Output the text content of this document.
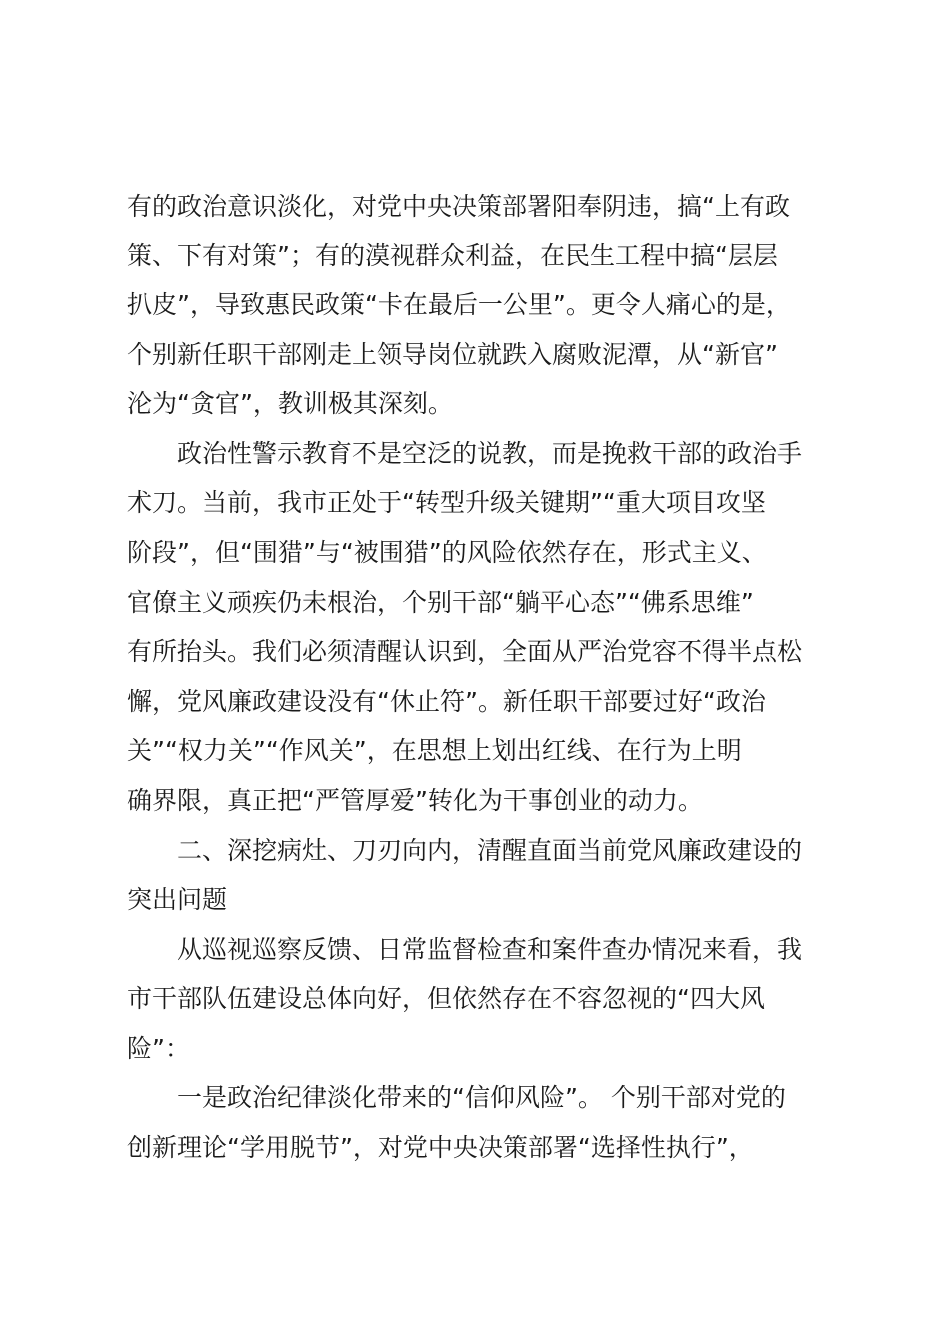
有的政治意识淡化，对党中央决策部署阳奉阴违，搞“上有政
策、下有对策”；有的漠视群众利益，在民生工程中搞“层层
扒皮”，导致惠民政策“卡在最后一公里”。更令人痛心的是，
个别新任职干部刚走上领导岗位就跌入腐败泥潭，从“新官”
沦为“贪官”，教训极其深刻。
政治性警示教育不是空泛的说教，而是挽救干部的政治手
术刀。当前，我市正处于“转型升级关键期”“重大项目攻坚
阶段”，但“围猎”与“被围猎”的风险依然存在，形式主义、
官僚主义顽疾仍未根治，个别干部“躺平心态”“佛系思维”
有所抬头。我们必须清醒认识到，全面从严治党容不得半点松
懈，党风廉政建设没有“休止符”。新任职干部要过好“政治
关”“权力关”“作风关”，在思想上划出红线、在行为上明
确界限，真正把“严管厚爱”转化为干事创业的动力。
二、深挖病灶、刀刃向内，清醒直面当前党风廉政建设的
突出问题
从巡视巡察反馈、日常监督检查和案件查办情况来看，我
市干部队伍建设总体向好，但依然存在不容忽视的“四大风
险”：
一是政治纪律淡化带来的“信仰风险”。 个别干部对党的
创新理论“学用脱节”，对党中央决策部署“选择性执行”，
